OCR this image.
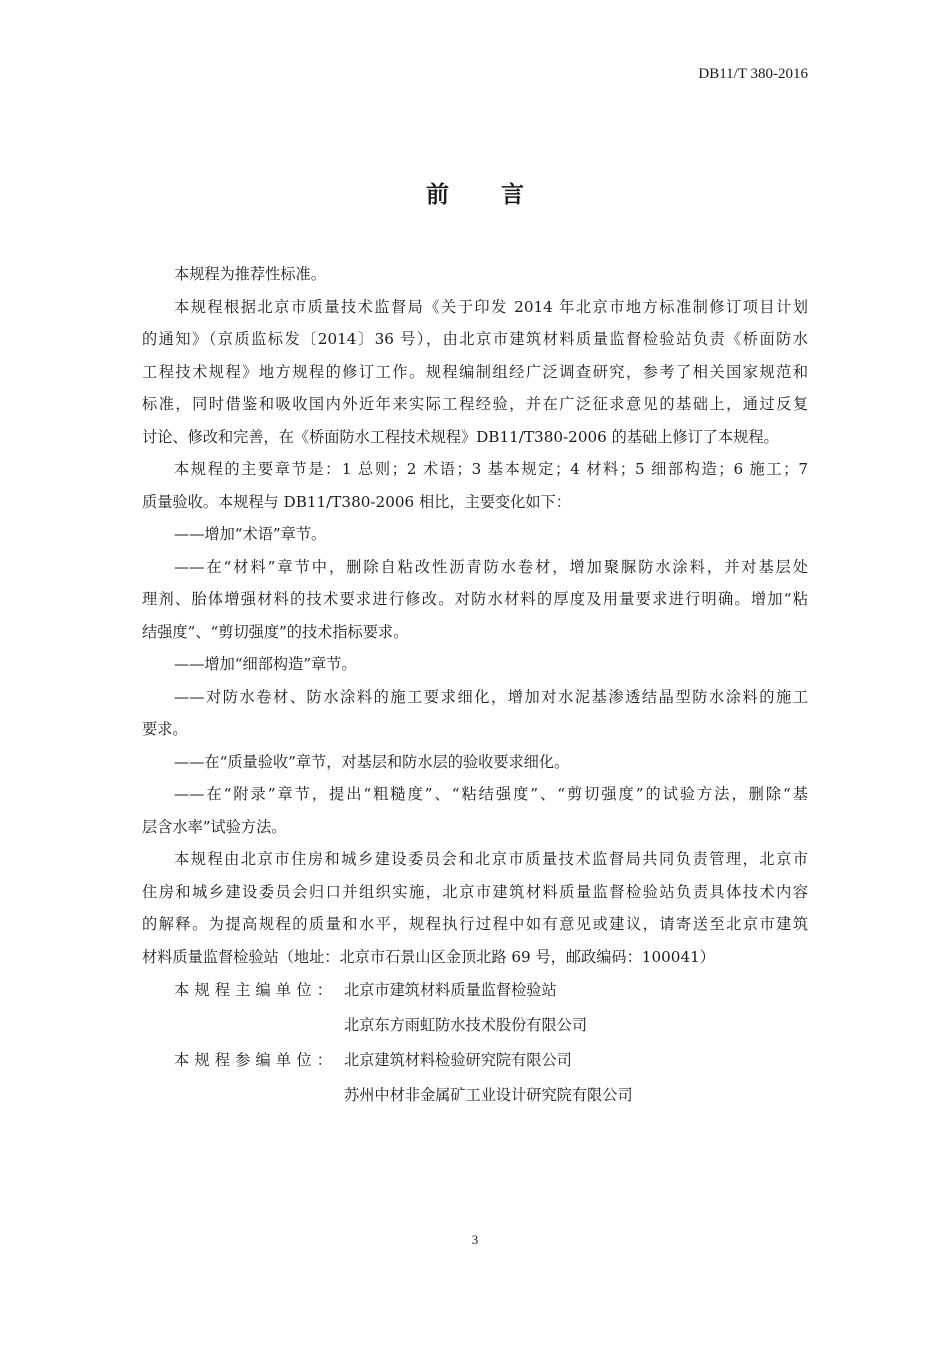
DB11/T 380-2016
前言
本规程为推荐性标准。
本规程根据北京市质量技术监督局《关于印发 2014 年北京市地方标准制修订项目计划
的通知》（京质监标发〔2014〕36 号），由北京市建筑材料质量监督检验站负责《桥面防水
工程技术规程》地方规程的修订工作。规程编制组经广泛调查研究，参考了相关国家规范和
标准，同时借鉴和吸收国内外近年来实际工程经验，并在广泛征求意见的基础上，通过反复
讨论、修改和完善，在《桥面防水工程技术规程》DB11/T380-2006 的基础上修订了本规程。
本规程的主要章节是：1 总则；2 术语；3 基本规定；4 材料；5 细部构造；6 施工；7
质量验收。本规程与 DB11/T380-2006 相比，主要变化如下：
——增加“术语”章节。
——在“材料”章节中，删除自粘改性沥青防水卷材，增加聚脲防水涂料，并对基层处
理剂、胎体增强材料的技术要求进行修改。对防水材料的厚度及用量要求进行明确。增加“粘
结强度”、“剪切强度”的技术指标要求。
——增加“细部构造”章节。
——对防水卷材、防水涂料的施工要求细化，增加对水泥基渗透结晶型防水涂料的施工
要求。
——在“质量验收”章节，对基层和防水层的验收要求细化。
——在“附录”章节，提出“粗糙度”、“粘结强度”、“剪切强度”的试验方法，删除“基
层含水率”试验方法。
本规程由北京市住房和城乡建设委员会和北京市质量技术监督局共同负责管理，北京市
住房和城乡建设委员会归口并组织实施，北京市建筑材料质量监督检验站负责具体技术内容
的解释。为提高规程的质量和水平，规程执行过程中如有意见或建议，请寄送至北京市建筑
材料质量监督检验站（地址：北京市石景山区金顶北路 69 号，邮政编码：100041）
本规程主编单位： 北京市建筑材料质量监督检验站
北京东方雨虹防水技术股份有限公司
本规程参编单位： 北京建筑材料检验研究院有限公司
苏州中材非金属矿工业设计研究院有限公司
3
